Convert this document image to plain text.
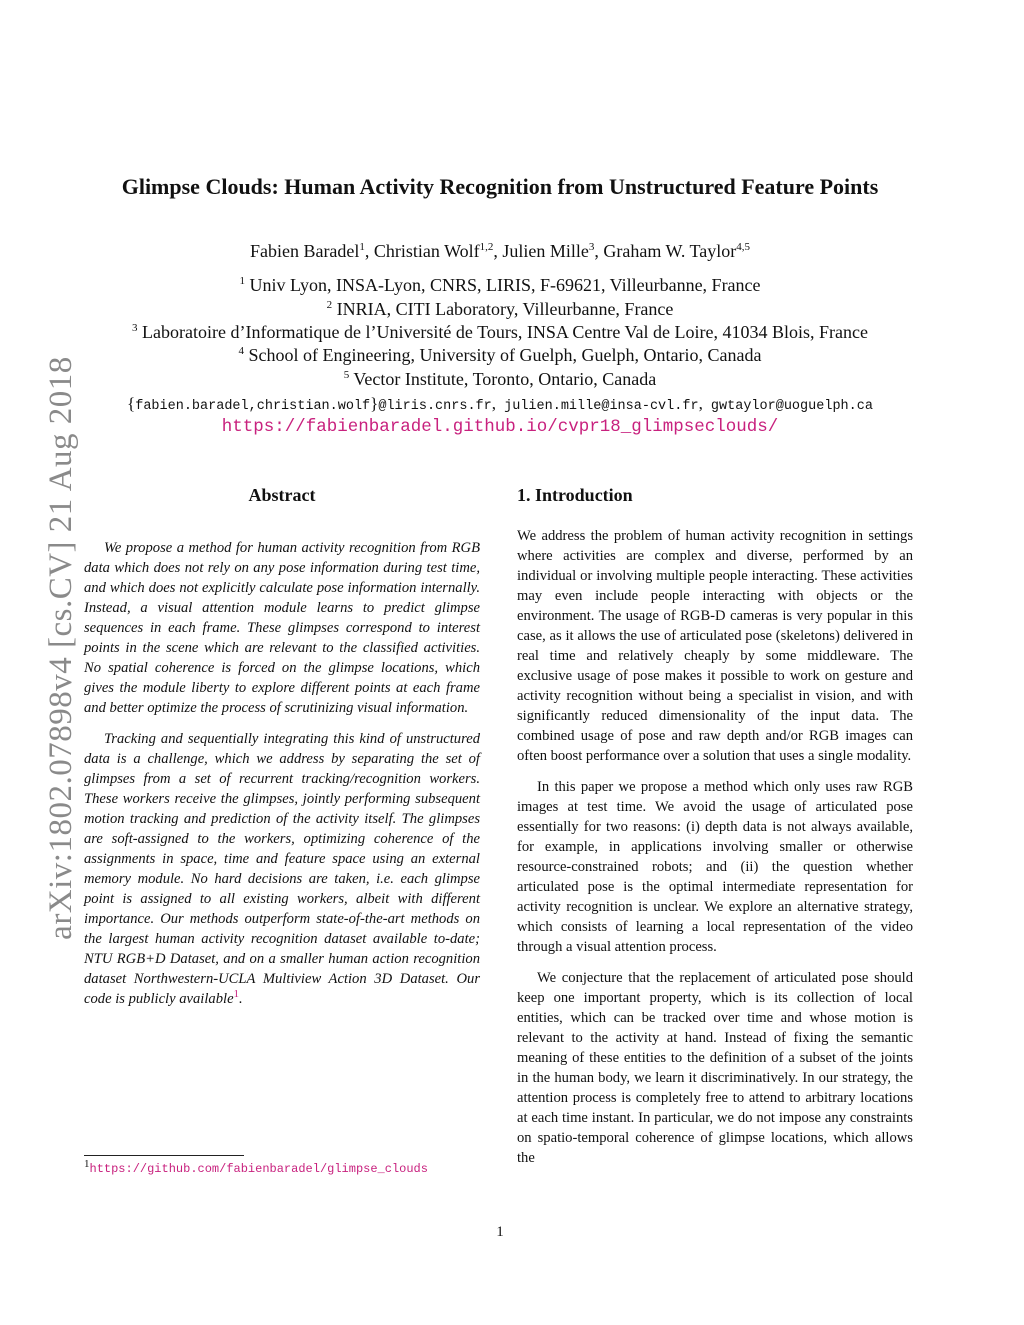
arXiv:1802.07898v4 [cs.CV] 21 Aug 2018
Glimpse Clouds: Human Activity Recognition from Unstructured Feature Points
Fabien Baradel$^1$, Christian Wolf$^{1,2}$, Julien Mille$^3$, Graham W. Taylor$^{4,5}$
$^1$ Univ Lyon, INSA-Lyon, CNRS, LIRIS, F-69621, Villeurbanne, France
$^2$ INRIA, CITI Laboratory, Villeurbanne, France
$^3$ Laboratoire d’Informatique de l’Université de Tours, INSA Centre Val de Loire, 41034 Blois, France
$^4$ School of Engineering, University of Guelph, Guelph, Ontario, Canada
$^5$ Vector Institute, Toronto, Ontario, Canada
{fabien.baradel,christian.wolf}@liris.cnrs.fr, julien.mille@insa-cvl.fr, gwtaylor@uoguelph.ca
https://fabienbaradel.github.io/cvpr18_glimpseclouds/
Abstract

We propose a method for human activity recognition from RGB data which does not rely on any pose information during test time, and which does not explicitly calculate pose information internally. Instead, a visual attention module learns to predict glimpse sequences in each frame. These glimpses correspond to interest points in the scene which are relevant to the classified activities. No spatial coherence is forced on the glimpse locations, which gives the module liberty to explore different points at each frame and better optimize the process of scrutinizing visual information.

Tracking and sequentially integrating this kind of unstructured data is a challenge, which we address by separating the set of glimpses from a set of recurrent tracking/recognition workers. These workers receive the glimpses, jointly performing subsequent motion tracking and prediction of the activity itself. The glimpses are soft-assigned to the workers, optimizing coherence of the assignments in space, time and feature space using an external memory module. No hard decisions are taken, i.e. each glimpse point is assigned to all existing workers, albeit with different importance. Our methods outperform state-of-the-art methods on the largest human activity recognition dataset available to-date; NTU RGB+D Dataset, and on a smaller human action recognition dataset Northwestern-UCLA Multiview Action 3D Dataset. Our code is publicly available$^1$.

$^1$https://github.com/fabienbaradel/glimpse_clouds
1. Introduction

We address the problem of human activity recognition in settings where activities are complex and diverse, performed by an individual or involving multiple people interacting. These activities may even include people interacting with objects or the environment. The usage of RGB-D cameras is very popular in this case, as it allows the use of articulated pose (skeletons) delivered in real time and relatively cheaply by some middleware. The exclusive usage of pose makes it possible to work on gesture and activity recognition without being a specialist in vision, and with significantly reduced dimensionality of the input data. The combined usage of pose and raw depth and/or RGB images can often boost performance over a solution that uses a single modality.

In this paper we propose a method which only uses raw RGB images at test time. We avoid the usage of articulated pose essentially for two reasons: (i) depth data is not always available, for example, in applications involving smaller or otherwise resource-constrained robots; and (ii) the question whether articulated pose is the optimal intermediate representation for activity recognition is unclear. We explore an alternative strategy, which consists of learning a local representation of the video through a visual attention process.

We conjecture that the replacement of articulated pose should keep one important property, which is its collection of local entities, which can be tracked over time and whose motion is relevant to the activity at hand. Instead of fixing the semantic meaning of these entities to the definition of a subset of the joints in the human body, we learn it discriminatively. In our strategy, the attention process is completely free to attend to arbitrary locations at each time instant. In particular, we do not impose any constraints on spatio-temporal coherence of glimpse locations, which allows the

1
